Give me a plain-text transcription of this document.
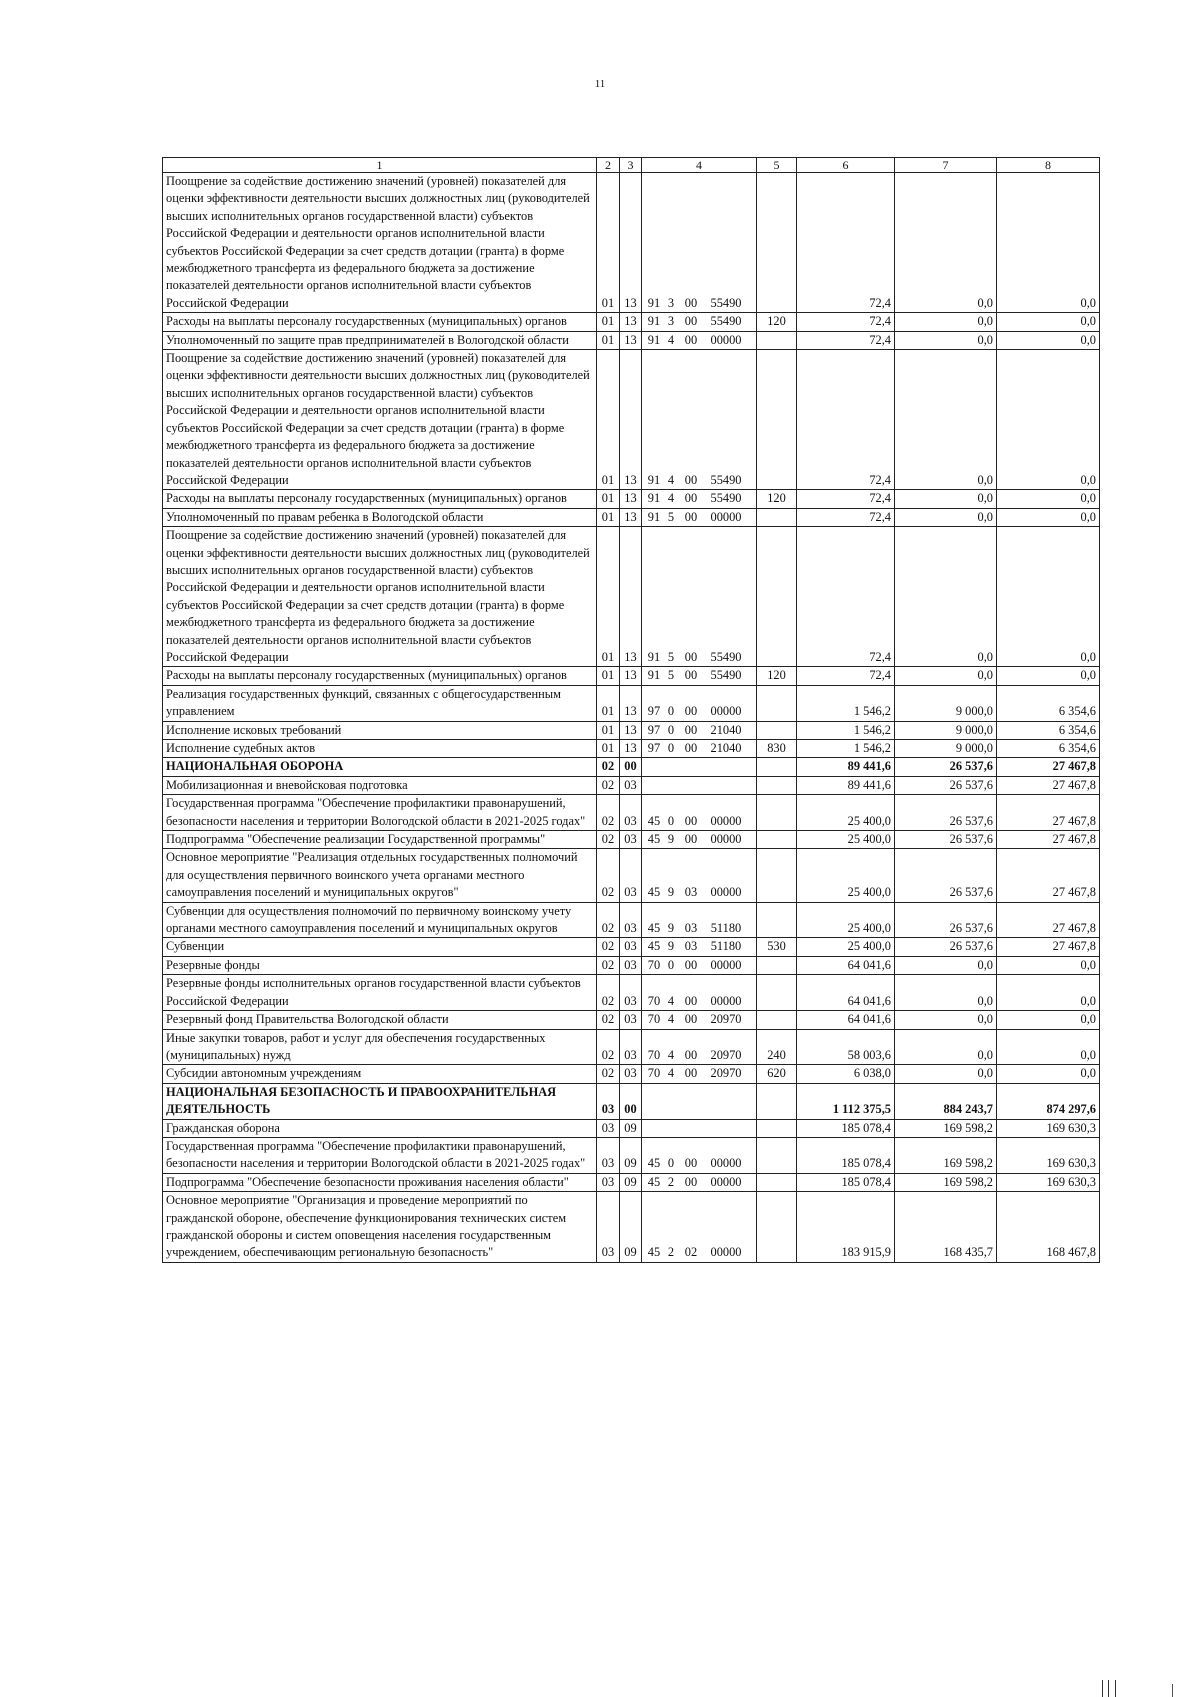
11
1	2	3	4	5	6	7	8
Поощрение за содействие достижению значений (уровней) показателей для оценки эффективности деятельности высших должностных лиц (руководителей высших исполнительных органов государственной власти) субъектов Российской Федерации и деятельности органов исполнительной власти субъектов Российской Федерации за счет средств дотации (гранта) в форме межбюджетного трансферта из федерального бюджета за достижение показателей деятельности органов исполнительной власти субъектов Российской Федерации	01	13	91 3 00 55490		72,4	0,0	0,0
Расходы на выплаты персоналу государственных (муниципальных) органов	01	13	91 3 00 55490	120	72,4	0,0	0,0
Уполномоченный по защите прав предпринимателей в Вологодской области	01	13	91 4 00 00000		72,4	0,0	0,0
Поощрение за содействие достижению значений (уровней) показателей для оценки эффективности деятельности высших должностных лиц (руководителей высших исполнительных органов государственной власти) субъектов Российской Федерации и деятельности органов исполнительной власти субъектов Российской Федерации за счет средств дотации (гранта) в форме межбюджетного трансферта из федерального бюджета за достижение показателей деятельности органов исполнительной власти субъектов Российской Федерации	01	13	91 4 00 55490		72,4	0,0	0,0
Расходы на выплаты персоналу государственных (муниципальных) органов	01	13	91 4 00 55490	120	72,4	0,0	0,0
Уполномоченный по правам ребенка в Вологодской области	01	13	91 5 00 00000		72,4	0,0	0,0
Поощрение за содействие достижению значений (уровней) показателей для оценки эффективности деятельности высших должностных лиц (руководителей высших исполнительных органов государственной власти) субъектов Российской Федерации и деятельности органов исполнительной власти субъектов Российской Федерации за счет средств дотации (гранта) в форме межбюджетного трансферта из федерального бюджета за достижение показателей деятельности органов исполнительной власти субъектов Российской Федерации	01	13	91 5 00 55490		72,4	0,0	0,0
Расходы на выплаты персоналу государственных (муниципальных) органов	01	13	91 5 00 55490	120	72,4	0,0	0,0
Реализация государственных функций, связанных с общегосударственным управлением	01	13	97 0 00 00000		1 546,2	9 000,0	6 354,6
Исполнение исковых требований	01	13	97 0 00 21040		1 546,2	9 000,0	6 354,6
Исполнение судебных актов	01	13	97 0 00 21040	830	1 546,2	9 000,0	6 354,6
НАЦИОНАЛЬНАЯ ОБОРОНА	02	00			89 441,6	26 537,6	27 467,8
Мобилизационная и вневойсковая подготовка	02	03			89 441,6	26 537,6	27 467,8
Государственная программа "Обеспечение профилактики правонарушений, безопасности населения и территории Вологодской области в 2021-2025 годах"	02	03	45 0 00 00000		25 400,0	26 537,6	27 467,8
Подпрограмма "Обеспечение реализации Государственной программы"	02	03	45 9 00 00000		25 400,0	26 537,6	27 467,8
Основное мероприятие "Реализация отдельных государственных полномочий для осуществления первичного воинского учета органами местного самоуправления поселений и муниципальных округов"	02	03	45 9 03 00000		25 400,0	26 537,6	27 467,8
Субвенции для осуществления полномочий по первичному воинскому учету органами местного самоуправления поселений и муниципальных округов	02	03	45 9 03 51180		25 400,0	26 537,6	27 467,8
Субвенции	02	03	45 9 03 51180	530	25 400,0	26 537,6	27 467,8
Резервные фонды	02	03	70 0 00 00000		64 041,6	0,0	0,0
Резервные фонды исполнительных органов государственной власти субъектов Российской Федерации	02	03	70 4 00 00000		64 041,6	0,0	0,0
Резервный фонд Правительства Вологодской области	02	03	70 4 00 20970		64 041,6	0,0	0,0
Иные закупки товаров, работ и услуг для обеспечения государственных (муниципальных) нужд	02	03	70 4 00 20970	240	58 003,6	0,0	0,0
Субсидии автономным учреждениям	02	03	70 4 00 20970	620	6 038,0	0,0	0,0
НАЦИОНАЛЬНАЯ БЕЗОПАСНОСТЬ И ПРАВООХРАНИТЕЛЬНАЯ ДЕЯТЕЛЬНОСТЬ	03	00			1 112 375,5	884 243,7	874 297,6
Гражданская оборона	03	09			185 078,4	169 598,2	169 630,3
Государственная программа "Обеспечение профилактики правонарушений, безопасности населения и территории Вологодской области в 2021-2025 годах"	03	09	45 0 00 00000		185 078,4	169 598,2	169 630,3
Подпрограмма "Обеспечение безопасности проживания населения области"	03	09	45 2 00 00000		185 078,4	169 598,2	169 630,3
Основное мероприятие "Организация и проведение мероприятий по гражданской обороне, обеспечение функционирования технических систем гражданской обороны и систем оповещения населения государственным учреждением, обеспечивающим региональную безопасность"	03	09	45 2 02 00000		183 915,9	168 435,7	168 467,8
